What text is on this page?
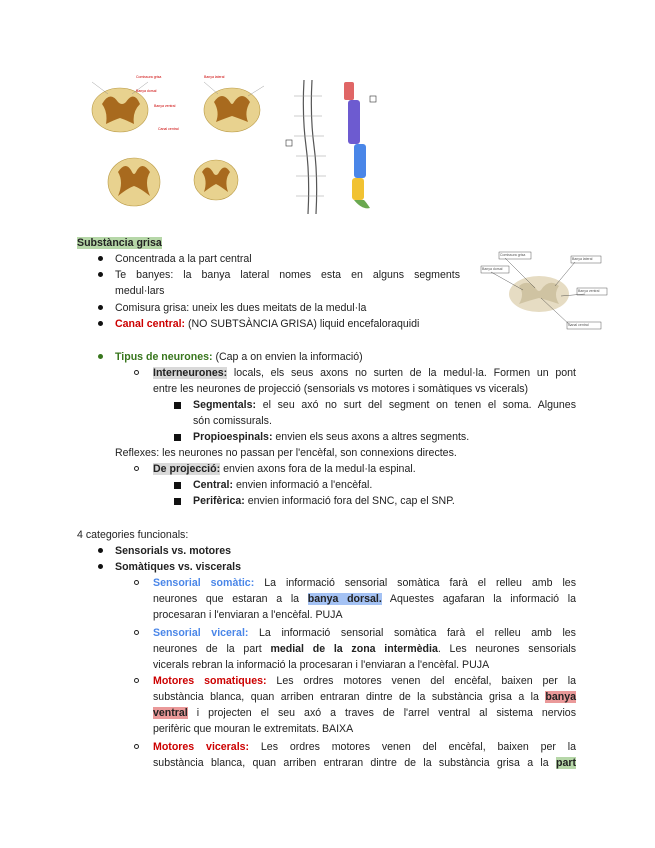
Comissura grisa
Banya dorsal
Banya ventral
Canal central
Banya lateral
Comissura grisa
Banya dorsal
Banya lateral
Banya ventral
Canal central
Substància grisa
Concentrada a la part central
Te banyes: la banya lateral nomes esta en alguns segments
medul·lars
Comisura grisa: uneix les dues meitats de la medul·la
Canal central: (NO SUBTSÀNCIA GRISA) liquid encefaloraquidi
Tipus de neurones: (Cap a on envien la informació)
Interneurones: locals, els seus axons no surten de la medul·la. Formen un pont
entre les neurones de projecció (sensorials vs motores i somàtiques vs vicerals)
Segmentals: el seu axó no surt del segment on tenen el soma. Algunes
són comissurals.
Propioespinals: envien els seus axons a altres segments.
Reflexes: les neurones no passan per l'encèfal, son connexions directes.
De projecció: envien axons fora de la medul·la espinal.
Central: envien informació a l'encèfal.
Perifèrica: envien informació fora del SNC, cap el SNP.
4 categories funcionals:
Sensorials vs. motores
Somàtiques vs. viscerals
Sensorial somàtic: La informació sensorial somàtica farà el relleu amb les
neurones que estaran a la banya dorsal. Aquestes agafaran la informació la
procesaran i l'enviaran a l'encèfal. PUJA
Sensorial viceral: La informació sensorial somàtica farà el relleu amb les
neurones de la part medial de la zona intermèdia. Les neurones sensorials
vicerals rebran la informació la procesaran i l'enviaran a l'encèfal. PUJA
Motores somatiques: Les ordres motores venen del encèfal, baixen per la
substància blanca, quan arriben entraran dintre de la substància grisa a la banya
ventral i projecten el seu axó a traves de l'arrel ventral al sistema nervios
perifèric que mouran le extremitats. BAIXA
Motores vicerals: Les ordres motores venen del encèfal, baixen per la
substància blanca, quan arriben entraran dintre de la substància grisa a la part
